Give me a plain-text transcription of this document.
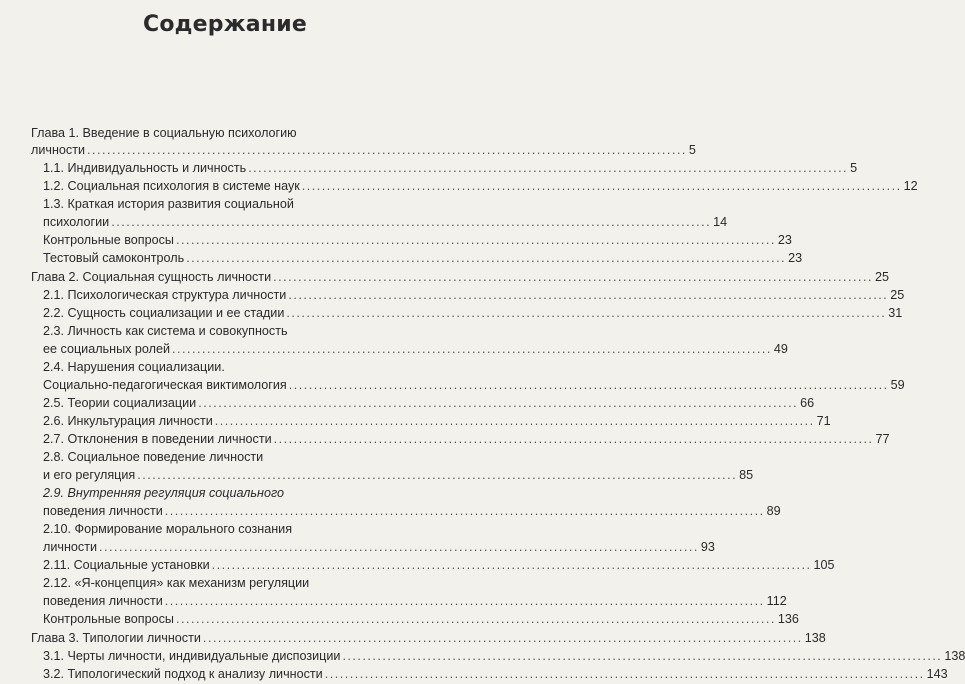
Содержание
Глава 1. Введение в социальную психологию
личности ........................................................................................................................ 5
1.1. Индивидуальность и личность ........................................................................................................................ 5
1.2. Социальная психология в системе наук ........................................................................................................................ 12
1.3. Краткая история развития социальной
психологии ........................................................................................................................ 14
Контрольные вопросы ........................................................................................................................ 23
Тестовый самоконтроль ........................................................................................................................ 23
Глава 2. Социальная сущность личности ........................................................................................................................ 25
2.1. Психологическая структура личности ........................................................................................................................ 25
2.2. Сущность социализации и ее стадии ........................................................................................................................ 31
2.3. Личность как система и совокупность
ее социальных ролей ........................................................................................................................ 49
2.4. Нарушения социализации.
Социально-педагогическая виктимология ........................................................................................................................ 59
2.5. Теории социализации ........................................................................................................................ 66
2.6. Инкультурация личности ........................................................................................................................ 71
2.7. Отклонения в поведении личности ........................................................................................................................ 77
2.8. Социальное поведение личности
и его регуляция ........................................................................................................................ 85
2.9. Внутренняя регуляция социального
поведения личности ........................................................................................................................ 89
2.10. Формирование морального сознания
личности ........................................................................................................................ 93
2.11. Социальные установки ........................................................................................................................ 105
2.12. «Я-концепция» как механизм регуляции
поведения личности ........................................................................................................................ 112
Контрольные вопросы ........................................................................................................................ 136
Глава 3. Типологии личности ........................................................................................................................ 138
3.1. Черты личности, индивидуальные диспозиции ........................................................................................................................ 138
3.2. Типологический подход к анализу личности ........................................................................................................................ 143
